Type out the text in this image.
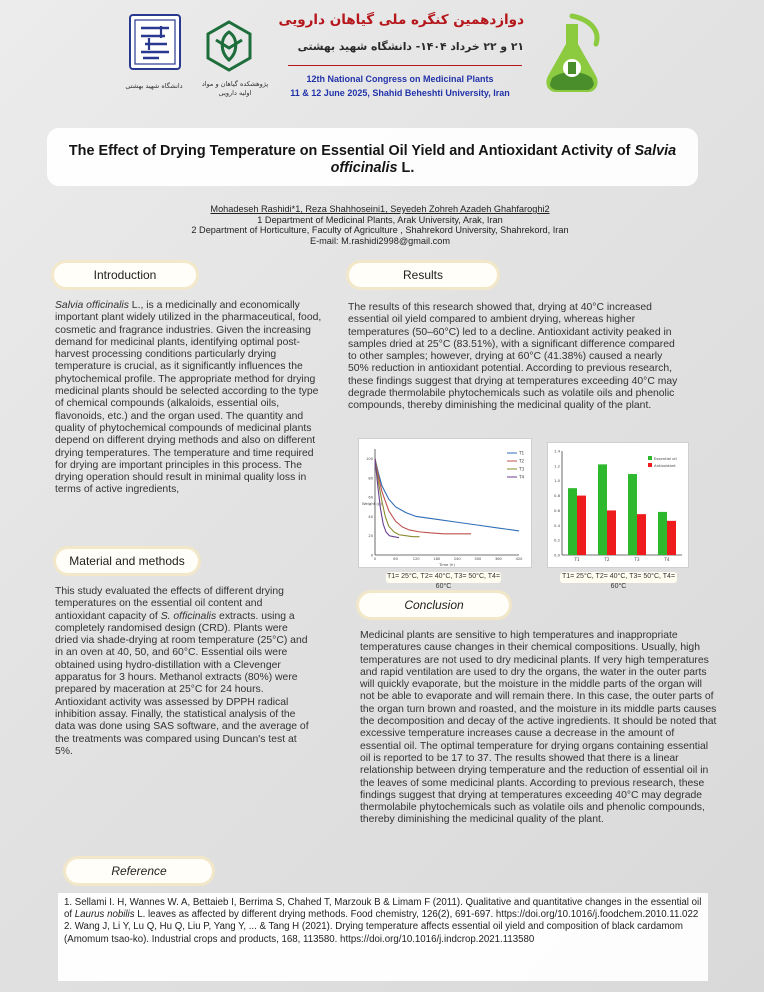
دانشگاه شهید بهشتی	پژوهشکده گیاهان و مواد اولیه دارویی
دوازدهمین کنگره ملی گیاهان دارویی
۲۱ و ۲۲ خرداد ۱۴۰۴- دانشگاه شهید بهشتی
12th National Congress on Medicinal Plants
11 & 12 June 2025, Shahid Beheshti University, Iran
The Effect of Drying Temperature on Essential Oil Yield and Antioxidant Activity of Salvia officinalis L.
Mohadeseh Rashidi*1, Reza Shahhoseini1, Seyedeh Zohreh Azadeh Ghahfaroghi2
1 Department of Medicinal Plants, Arak University, Arak, Iran
2 Department of Horticulture, Faculty of Agriculture , Shahrekord University, Shahrekord, Iran
E-mail: M.rashidi2998@gmail.com
Introduction
Salvia officinalis L., is a medicinally and economically important plant widely utilized in the pharmaceutical, food, cosmetic and fragrance industries. Given the increasing demand for medicinal plants, identifying optimal post-harvest processing conditions particularly drying temperature is crucial, as it significantly influences the phytochemical profile. The appropriate method for drying medicinal plants should be selected according to the type of chemical compounds (alkaloids, essential oils, flavonoids, etc.) and the organ used. The quantity and quality of phytochemical compounds of medicinal plants depend on different drying methods and also on different drying temperatures. The temperature and time required for drying are important principles in this process. The drying operation should result in minimal quality loss in terms of active ingredients,
Material and methods
This study evaluated the effects of different drying temperatures on the essential oil content and antioxidant capacity of S. officinalis extracts. using a completely randomised design (CRD). Plants were dried via shade-drying at room temperature (25°C) and in an oven at 40, 50, and 60°C. Essential oils were obtained using hydro-distillation with a Clevenger apparatus for 3 hours. Methanol extracts (80%) were prepared by maceration at 25°C for 24 hours. Antioxidant activity was assessed by DPPH radical inhibition assay. Finally, the statistical analysis of the data was done using SAS software, and the average of the treatments was compared using Duncan's test at 5%.
Results
The results of this research showed that, drying at 40°C increased essential oil yield compared to ambient drying, whereas higher temperatures (50–60°C) led to a decline. Antioxidant activity peaked in samples dried at 25°C (83.51%), with a significant difference compared to other samples; however, drying at 60°C (41.38%) caused a nearly 50% reduction in antioxidant potential. According to previous research, these findings suggest that drying at temperatures exceeding 40°C may degrade thermolabile phytochemicals such as volatile oils and phenolic compounds, thereby diminishing the medicinal quality of the plant.
0
20
40
60
80
100
0	60	120	180	240	300	360	420
Weight (g)
Time (h)
T1
T2
T3
T4
T1= 25°C, T2= 40°C, T3= 50°C, T4= 60°C
0.0
0.2
0.4
0.6
0.8
1.0
1.2
1.4
T1	T2	T3	T4
Essential oil
Antioxidant
T1= 25°C, T2= 40°C, T3= 50°C, T4= 60°C
Conclusion
Medicinal plants are sensitive to high temperatures and inappropriate temperatures cause changes in their chemical compositions. Usually, high temperatures are not used to dry medicinal plants. If very high temperatures and rapid ventilation are used to dry the organs, the water in the outer parts will quickly evaporate, but the moisture in the middle parts of the organ will not be able to evaporate and will remain there. In this case, the outer parts of the organ turn brown and roasted, and the moisture in its middle parts causes the decomposition and decay of the active ingredients. It should be noted that excessive temperature increases cause a decrease in the amount of essential oil. The optimal temperature for drying organs containing essential oil is reported to be 17 to 37. The results showed that there is a linear relationship between drying temperature and the reduction of essential oil in the leaves of some medicinal plants. According to previous research, these findings suggest that drying at temperatures exceeding 40°C may degrade thermolabile phytochemicals such as volatile oils and phenolic compounds, thereby diminishing the medicinal quality of the plant.
Reference
1. Sellami I. H, Wannes W. A, Bettaieb I, Berrima S, Chahed T, Marzouk B & Limam F (2011). Qualitative and quantitative changes in the essential oil of Laurus nobilis L. leaves as affected by different drying methods. Food chemistry, 126(2), 691-697. https://doi.org/10.1016/j.foodchem.2010.11.022
2. Wang J, Li Y, Lu Q, Hu Q, Liu P, Yang Y, ... & Tang H (2021). Drying temperature affects essential oil yield and composition of black cardamom (Amomum tsao-ko). Industrial crops and products, 168, 113580. https://doi.org/10.1016/j.indcrop.2021.113580
